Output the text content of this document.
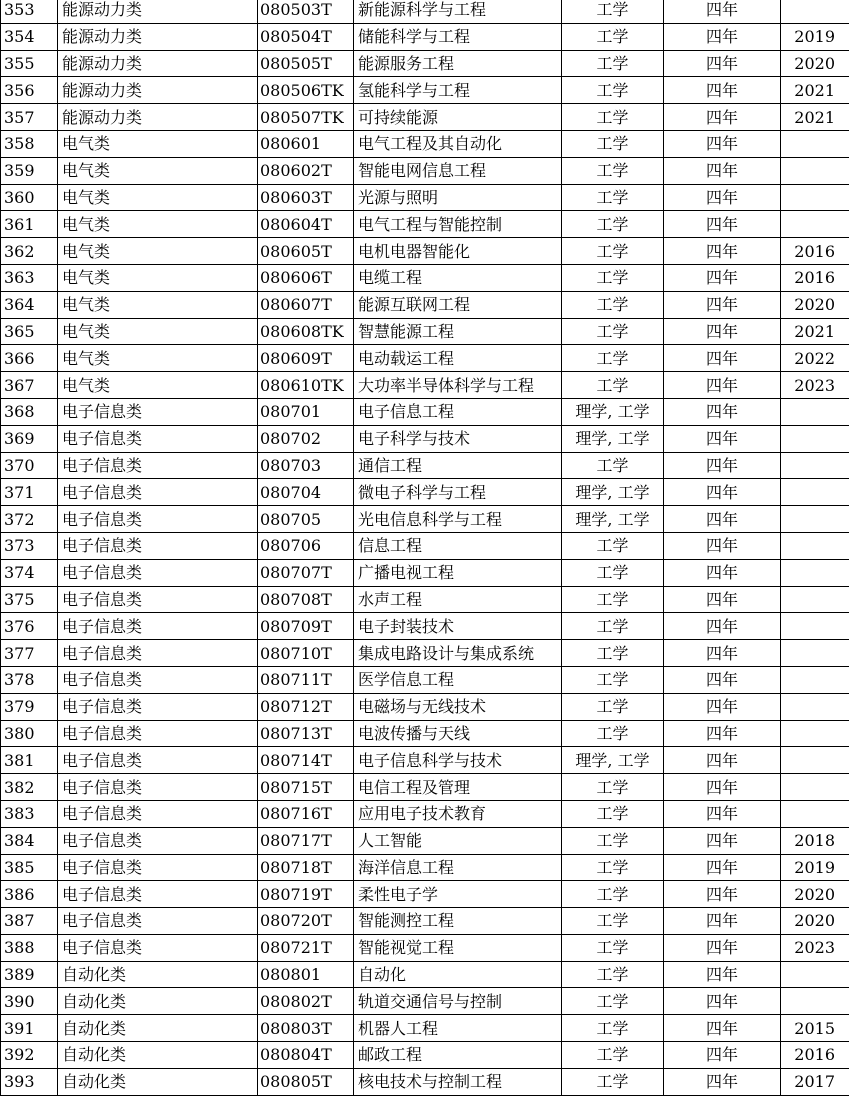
353	能源动力类	080503T	新能源科学与工程	工学	四年	
354	能源动力类	080504T	储能科学与工程	工学	四年	2019
355	能源动力类	080505T	能源服务工程	工学	四年	2020
356	能源动力类	080506TK	氢能科学与工程	工学	四年	2021
357	能源动力类	080507TK	可持续能源	工学	四年	2021
358	电气类	080601	电气工程及其自动化	工学	四年	
359	电气类	080602T	智能电网信息工程	工学	四年	
360	电气类	080603T	光源与照明	工学	四年	
361	电气类	080604T	电气工程与智能控制	工学	四年	
362	电气类	080605T	电机电器智能化	工学	四年	2016
363	电气类	080606T	电缆工程	工学	四年	2016
364	电气类	080607T	能源互联网工程	工学	四年	2020
365	电气类	080608TK	智慧能源工程	工学	四年	2021
366	电气类	080609T	电动载运工程	工学	四年	2022
367	电气类	080610TK	大功率半导体科学与工程	工学	四年	2023
368	电子信息类	080701	电子信息工程	理学, 工学	四年	
369	电子信息类	080702	电子科学与技术	理学, 工学	四年	
370	电子信息类	080703	通信工程	工学	四年	
371	电子信息类	080704	微电子科学与工程	理学, 工学	四年	
372	电子信息类	080705	光电信息科学与工程	理学, 工学	四年	
373	电子信息类	080706	信息工程	工学	四年	
374	电子信息类	080707T	广播电视工程	工学	四年	
375	电子信息类	080708T	水声工程	工学	四年	
376	电子信息类	080709T	电子封装技术	工学	四年	
377	电子信息类	080710T	集成电路设计与集成系统	工学	四年	
378	电子信息类	080711T	医学信息工程	工学	四年	
379	电子信息类	080712T	电磁场与无线技术	工学	四年	
380	电子信息类	080713T	电波传播与天线	工学	四年	
381	电子信息类	080714T	电子信息科学与技术	理学, 工学	四年	
382	电子信息类	080715T	电信工程及管理	工学	四年	
383	电子信息类	080716T	应用电子技术教育	工学	四年	
384	电子信息类	080717T	人工智能	工学	四年	2018
385	电子信息类	080718T	海洋信息工程	工学	四年	2019
386	电子信息类	080719T	柔性电子学	工学	四年	2020
387	电子信息类	080720T	智能测控工程	工学	四年	2020
388	电子信息类	080721T	智能视觉工程	工学	四年	2023
389	自动化类	080801	自动化	工学	四年	
390	自动化类	080802T	轨道交通信号与控制	工学	四年	
391	自动化类	080803T	机器人工程	工学	四年	2015
392	自动化类	080804T	邮政工程	工学	四年	2016
393	自动化类	080805T	核电技术与控制工程	工学	四年	2017
